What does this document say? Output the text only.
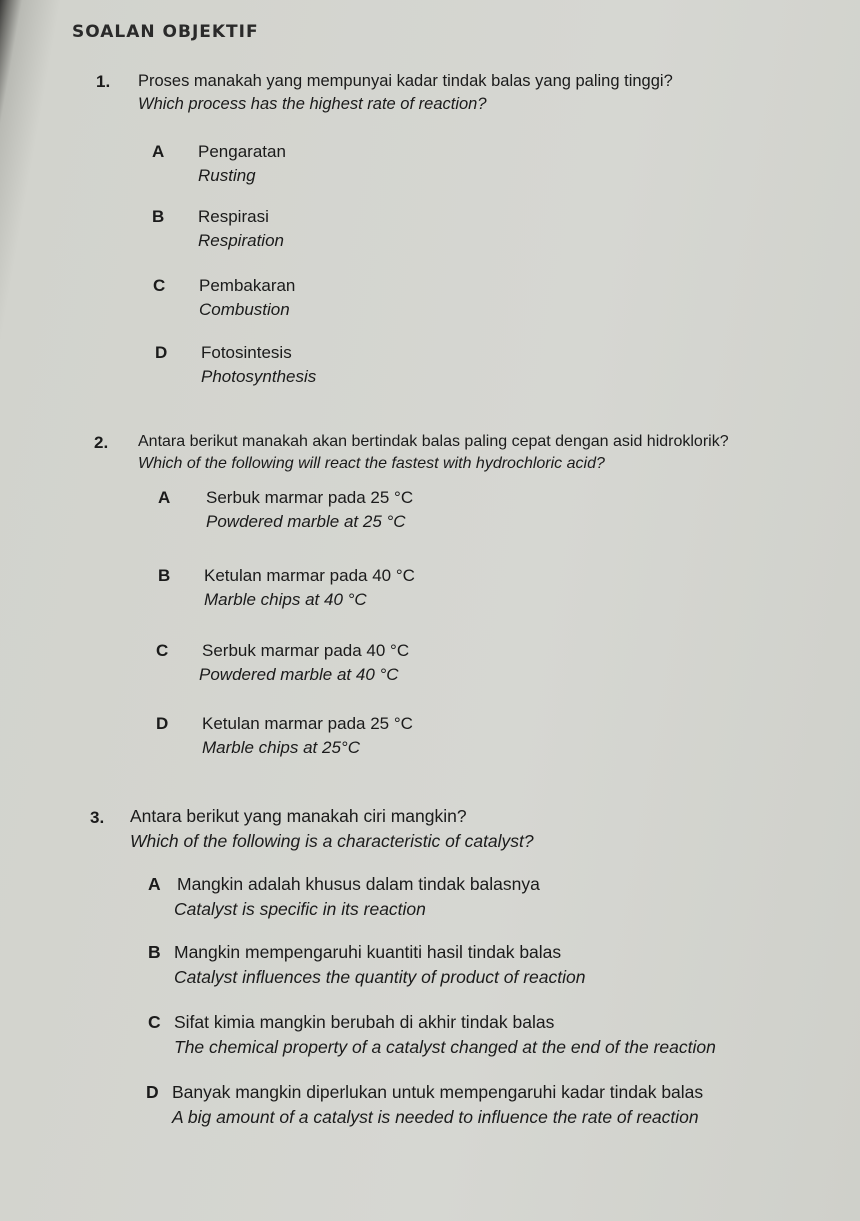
SOALAN OBJEKTIF
1. Proses manakah yang mempunyai kadar tindak balas yang paling tinggi?
Which process has the highest rate of reaction?
A Pengaratan
Rusting
B Respirasi
Respiration
C Pembakaran
Combustion
D Fotosintesis
Photosynthesis
2. Antara berikut manakah akan bertindak balas paling cepat dengan asid hidroklorik?
Which of the following will react the fastest with hydrochloric acid?
A Serbuk marmar pada 25 °C
Powdered marble at 25 °C
B Ketulan marmar pada 40 °C
Marble chips at 40 °C
C Serbuk marmar pada 40 °C
Powdered marble at 40 °C
D Ketulan marmar pada 25 °C
Marble chips at 25°C
3. Antara berikut yang manakah ciri mangkin?
Which of the following is a characteristic of catalyst?
A Mangkin adalah khusus dalam tindak balasnya
Catalyst is specific in its reaction
B Mangkin mempengaruhi kuantiti hasil tindak balas
Catalyst influences the quantity of product of reaction
C Sifat kimia mangkin berubah di akhir tindak balas
The chemical property of a catalyst changed at the end of the reaction
D Banyak mangkin diperlukan untuk mempengaruhi kadar tindak balas
A big amount of a catalyst is needed to influence the rate of reaction
